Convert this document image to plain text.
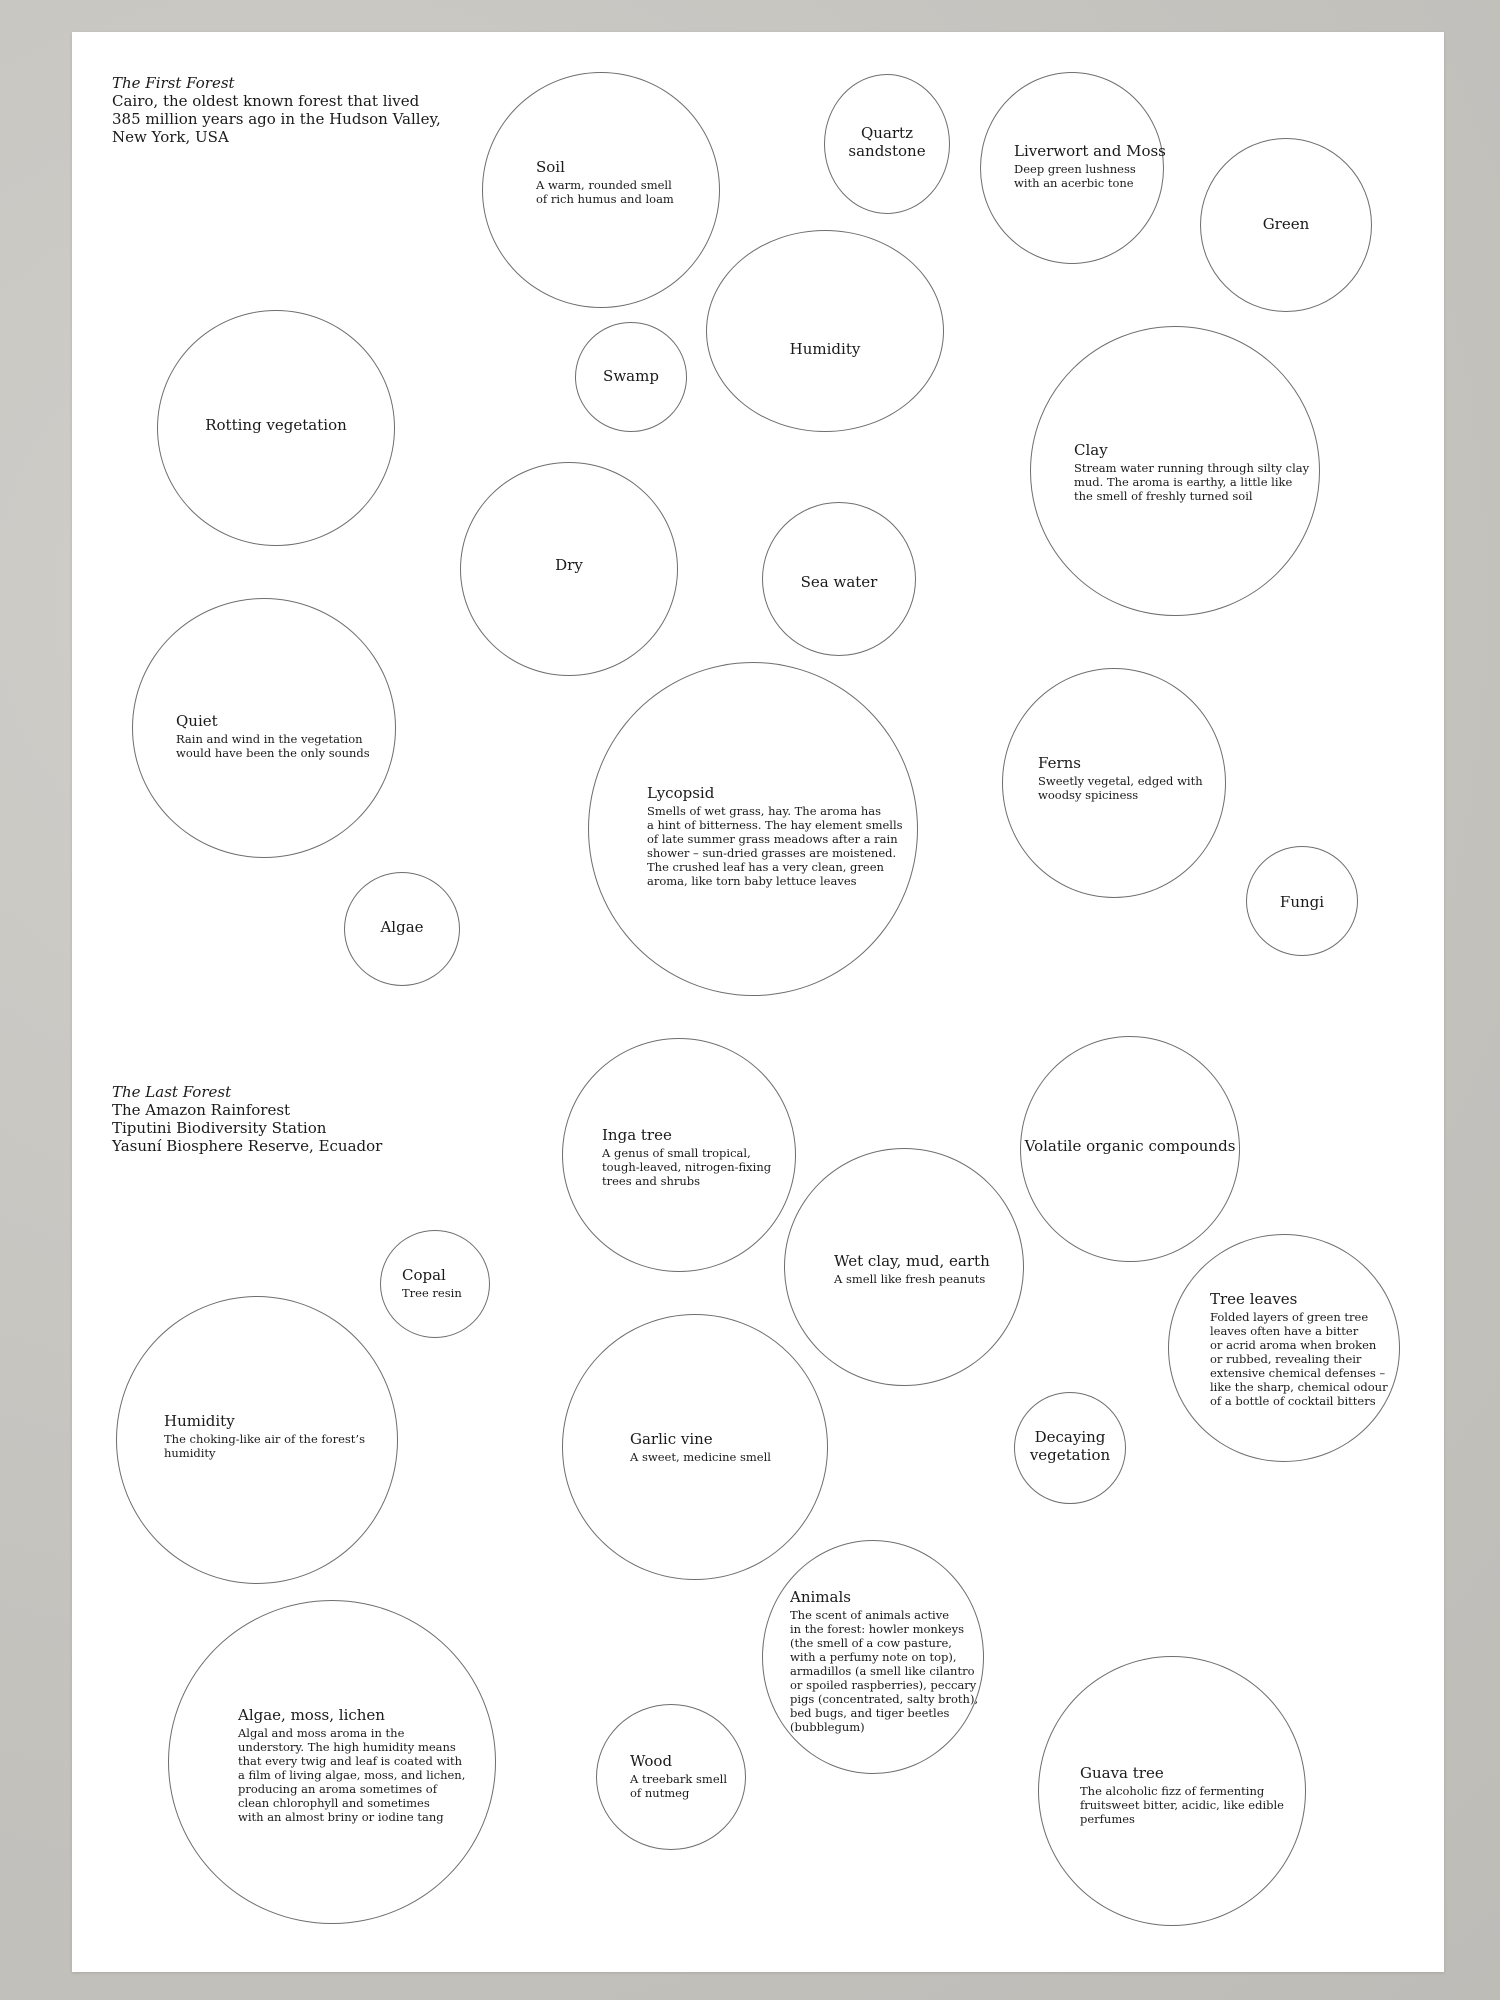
The First Forest
Cairo, the oldest known forest that lived
385 million years ago in the Hudson Valley,
New York, USA
The Last Forest
The Amazon Rainforest
Tiputini Biodiversity Station
Yasuní Biosphere Reserve, Ecuador
Soil
A warm, rounded smell
of rich humus and loam
Quartz sandstone	Liverwort and Moss
Deep green lushness
with an acerbic tone
Green
Rotting vegetation
Swamp
Humidity
Clay
Stream water running through silty clay
mud. The aroma is earthy, a little like
the smell of freshly turned soil
Dry
Sea water
Quiet
Rain and wind in the vegetation
would have been the only sounds
Lycopsid
Smells of wet grass, hay. The aroma has
a hint of bitterness. The hay element smells
of late summer grass meadows after a rain
shower – sun-dried grasses are moistened.
The crushed leaf has a very clean, green
aroma, like torn baby lettuce leaves
Ferns
Sweetly vegetal, edged with
woodsy spiciness
Algae
Fungi
Inga tree
A genus of small tropical,
tough-leaved, nitrogen-fixing
trees and shrubs
Volatile organic compounds
Copal
Tree resin
Wet clay, mud, earth
A smell like fresh peanuts
Tree leaves
Folded layers of green tree
leaves often have a bitter
or acrid aroma when broken
or rubbed, revealing their
extensive chemical defenses –
like the sharp, chemical odour
of a bottle of cocktail bitters
Humidity
The choking-like air of the forest’s
humidity
Garlic vine
A sweet, medicine smell
Decaying vegetation
Animals
The scent of animals active
in the forest: howler monkeys
(the smell of a cow pasture,
with a perfumy note on top),
armadillos (a smell like cilantro
or spoiled raspberries), peccary
pigs (concentrated, salty broth),
bed bugs, and tiger beetles
(bubblegum)
Algae, moss, lichen
Algal and moss aroma in the
understory. The high humidity means
that every twig and leaf is coated with
a film of living algae, moss, and lichen,
producing an aroma sometimes of
clean chlorophyll and sometimes
with an almost briny or iodine tang
Wood
A treebark smell
of nutmeg
Guava tree
The alcoholic fizz of fermenting
fruitsweet bitter, acidic, like edible
perfumes
